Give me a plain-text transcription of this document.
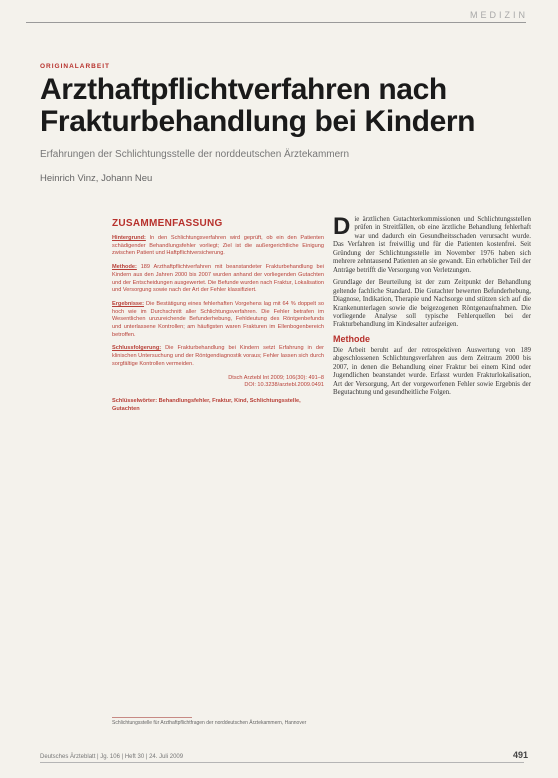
MEDIZIN
ORIGINALARBEIT
Arzthaftpflichtverfahren nach
Frakturbehandlung bei Kindern
Erfahrungen der Schlichtungsstelle der norddeutschen Ärztekammern
Heinrich Vinz, Johann Neu
ZUSAMMENFASSUNG

Hintergrund: In den Schlichtungsverfahren wird geprüft, ob ein den Patienten schädigender Behandlungsfehler vorliegt; Ziel ist die außergerichtliche Einigung zwischen Patient und Haftpflichtversicherung.

Methode: 189 Arzthaftpflichtverfahren mit beanstandeter Frakturbehandlung bei Kindern aus den Jahren 2000 bis 2007 wurden anhand der vorliegenden Gutachten und der Entscheidungen ausgewertet. Die Befunde wurden nach Fraktur, Lokalisation und Versorgung sowie nach der Art der Fehler klassifiziert.

Ergebnisse: Die Bestätigung eines fehlerhaften Vorgehens lag mit 64 % doppelt so hoch wie im Durchschnitt aller Schlichtungsverfahren. Die Fehler betrafen im Wesentlichen unzureichende Befunderhebung, Fehldeutung des Röntgenbefunds und unterlassene Kontrollen; am häufigsten waren Frakturen im Ellenbogenbereich betroffen.

Schlussfolgerung: Die Frakturbehandlung bei Kindern setzt Erfahrung in der klinischen Untersuchung und der Röntgendiagnostik voraus; Fehler lassen sich durch sorgfältige Kontrollen vermeiden.

Dtsch Arztebl Int 2009; 106(30): 491–8
DOI: 10.3238/arztebl.2009.0491

Schlüsselwörter: Behandlungsfehler, Fraktur, Kind, Schlichtungsstelle, Gutachten

Die ärztlichen Gutachterkommissionen und Schlichtungsstellen prüfen in Streitfällen, ob eine ärztliche Behandlung fehlerhaft war und dadurch ein Gesundheitsschaden verursacht wurde. Das Verfahren ist freiwillig und für die Patienten kostenfrei. Seit Gründung der Schlichtungsstelle im November 1976 haben sich mehrere zehntausend Patienten an sie gewandt. Ein erheblicher Teil der Anträge betrifft die Versorgung von Verletzungen.

Grundlage der Beurteilung ist der zum Zeitpunkt der Behandlung geltende fachliche Standard. Die Gutachter bewerten Befunderhebung, Diagnose, Indikation, Therapie und Nachsorge und stützen sich auf die Krankenunterlagen sowie die beigezogenen Röntgenaufnahmen. Die vorliegende Analyse soll typische Fehlerquellen bei der Frakturbehandlung im Kindesalter aufzeigen.

Methode

Die Arbeit beruht auf der retrospektiven Auswertung von 189 abgeschlossenen Schlichtungsverfahren aus dem Zeitraum 2000 bis 2007, in denen die Behandlung einer Fraktur bei einem Kind oder Jugendlichen beanstandet wurde. Erfasst wurden Frakturlokalisation, Art der Versorgung, Art der vorgeworfenen Fehler sowie Ergebnis der Begutachtung und gesundheitliche Folgen.

Schlichtungsstelle für Arzthaftpflichtfragen der norddeutschen Ärztekammern, Hannover
Deutsches Ärzteblatt | Jg. 106 | Heft 30 | 24. Juli 2009	491
